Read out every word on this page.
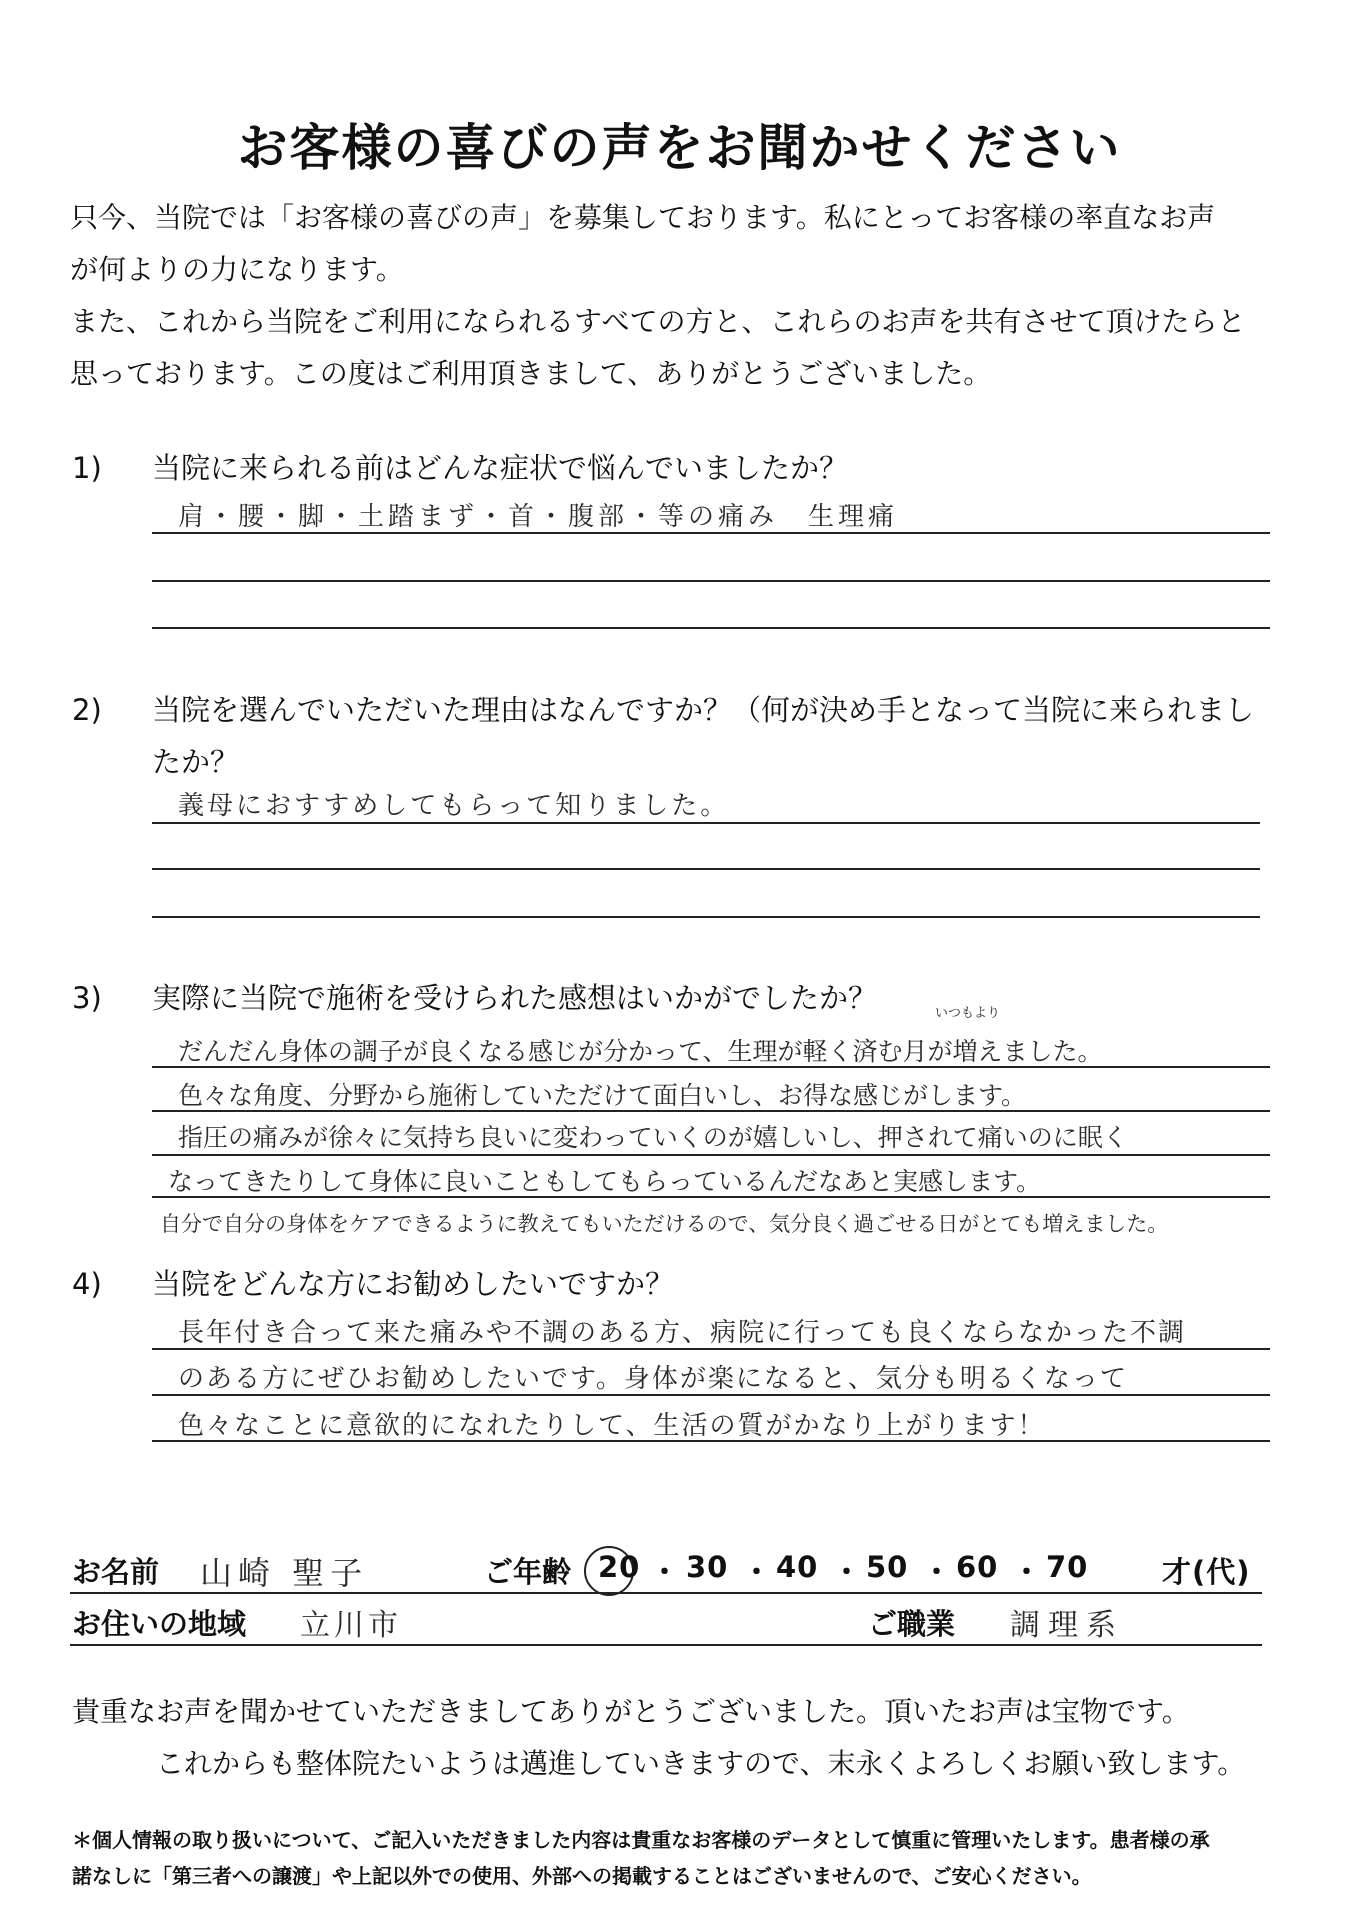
お客様の喜びの声をお聞かせください
只今、当院では「お客様の喜びの声」を募集しております。私にとってお客様の率直なお声
が何よりの力になります。
また、これから当院をご利用になられるすべての方と、これらのお声を共有させて頂けたらと
思っております。この度はご利用頂きまして、ありがとうございました。
1) 当院に来られる前はどんな症状で悩んでいましたか？
肩・腰・脚・土踏まず・首・腹部・等の痛み　生理痛
2) 当院を選んでいただいた理由はなんですか？（何が決め手となって当院に来られまし
たか？
義母におすすめしてもらって知りました。
3) 実際に当院で施術を受けられた感想はいかがでしたか？	いつもより
だんだん身体の調子が良くなる感じが分かって、生理が軽く済む月が増えました。
色々な角度、分野から施術していただけて面白いし、お得な感じがします。
指圧の痛みが徐々に気持ち良いに変わっていくのが嬉しいし、押されて痛いのに眠く
なってきたりして身体に良いこともしてもらっているんだなあと実感します。
自分で自分の身体をケアできるように教えてもいただけるので、気分良く過ごせる日がとても増えました。
4) 当院をどんな方にお勧めしたいですか？
長年付き合って来た痛みや不調のある方、病院に行っても良くならなかった不調
のある方にぜひお勧めしたいです。身体が楽になると、気分も明るくなって
色々なことに意欲的になれたりして、生活の質がかなり上がります！
お名前 山崎 聖子	ご年齢 20 ・ 30 ・ 40 ・ 50 ・ 60 ・ 70	才(代)
お住いの地域 立川市	ご職業 調理系
貴重なお声を聞かせていただきましてありがとうございました。頂いたお声は宝物です。
これからも整体院たいようは邁進していきますので、末永くよろしくお願い致します。
＊個人情報の取り扱いについて、ご記入いただきました内容は貴重なお客様のデータとして慎重に管理いたします。患者様の承
諾なしに「第三者への譲渡」や上記以外での使用、外部への掲載することはございませんので、ご安心ください。
